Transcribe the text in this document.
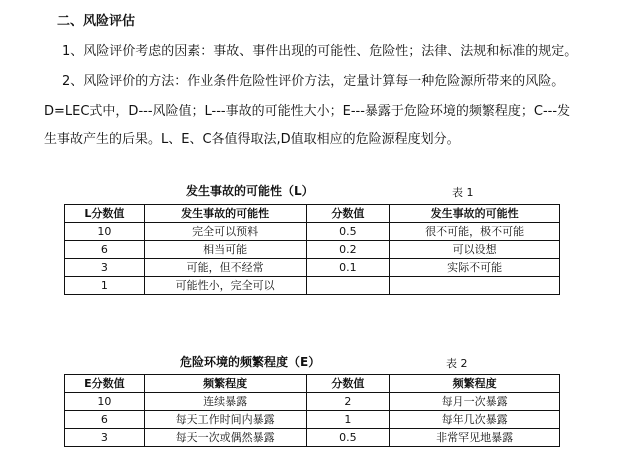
二、风险评估
1、风险评价考虑的因素：事故、事件出现的可能性、危险性；法律、法规和标准的规定。
2、风险评价的方法：作业条件危险性评价方法，定量计算每一种危险源所带来的风险。
D=LEC式中，D---风险值；L---事故的可能性大小；E---暴露于危险环境的频繁程度；C---发
生事故产生的后果。L、E、C各值得取法,D值取相应的危险源程度划分。
发生事故的可能性（L）	表 1
L分数值	发生事故的可能性	分数值	发生事故的可能性
10	完全可以预料	0.5	很不可能，极不可能
6	相当可能	0.2	可以设想
3	可能，但不经常	0.1	实际不可能
1	可能性小，完全可以		
危险环境的频繁程度（E）	表 2
E分数值	频繁程度	分数值	频繁程度
10	连续暴露	2	每月一次暴露
6	每天工作时间内暴露	1	每年几次暴露
3	每天一次或偶然暴露	0.5	非常罕见地暴露
